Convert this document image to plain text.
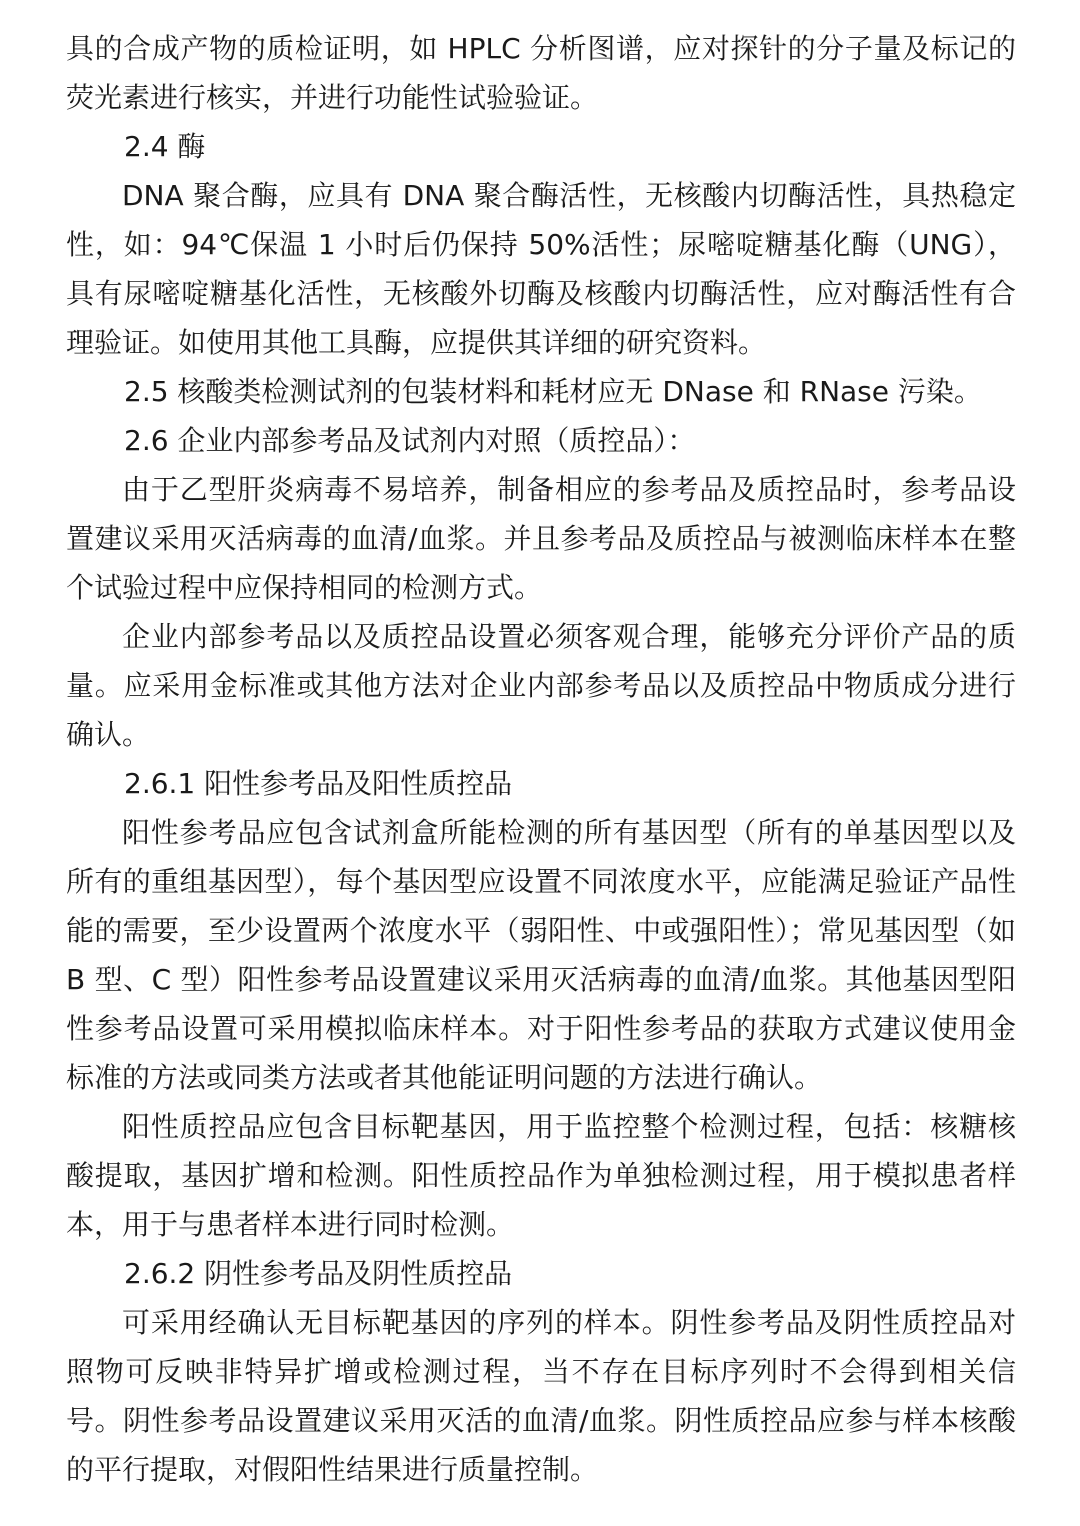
具的合成产物的质检证明，如 HPLC 分析图谱，应对探针的分子量及标记的荧光素进行核实，并进行功能性试验验证。

2.4 酶

DNA 聚合酶，应具有 DNA 聚合酶活性，无核酸内切酶活性，具热稳定性，如：94℃保温 1 小时后仍保持 50%活性；尿嘧啶糖基化酶（UNG），具有尿嘧啶糖基化活性，无核酸外切酶及核酸内切酶活性，应对酶活性有合理验证。如使用其他工具酶，应提供其详细的研究资料。

2.5 核酸类检测试剂的包装材料和耗材应无 DNase 和 RNase 污染。

2.6 企业内部参考品及试剂内对照（质控品）：

由于乙型肝炎病毒不易培养，制备相应的参考品及质控品时，参考品设置建议采用灭活病毒的血清/血浆。并且参考品及质控品与被测临床样本在整个试验过程中应保持相同的检测方式。

企业内部参考品以及质控品设置必须客观合理，能够充分评价产品的质量。应采用金标准或其他方法对企业内部参考品以及质控品中物质成分进行确认。

2.6.1 阳性参考品及阳性质控品

阳性参考品应包含试剂盒所能检测的所有基因型（所有的单基因型以及所有的重组基因型），每个基因型应设置不同浓度水平，应能满足验证产品性能的需要，至少设置两个浓度水平（弱阳性、中或强阳性）；常见基因型（如 B 型、C 型）阳性参考品设置建议采用灭活病毒的血清/血浆。其他基因型阳性参考品设置可采用模拟临床样本。对于阳性参考品的获取方式建议使用金标准的方法或同类方法或者其他能证明问题的方法进行确认。

阳性质控品应包含目标靶基因，用于监控整个检测过程，包括：核糖核酸提取，基因扩增和检测。阳性质控品作为单独检测过程，用于模拟患者样本，用于与患者样本进行同时检测。

2.6.2 阴性参考品及阴性质控品

可采用经确认无目标靶基因的序列的样本。阴性参考品及阴性质控品对照物可反映非特异扩增或检测过程，当不存在目标序列时不会得到相关信号。阴性参考品设置建议采用灭活的血清/血浆。阴性质控品应参与样本核酸的平行提取，对假阳性结果进行质量控制。
